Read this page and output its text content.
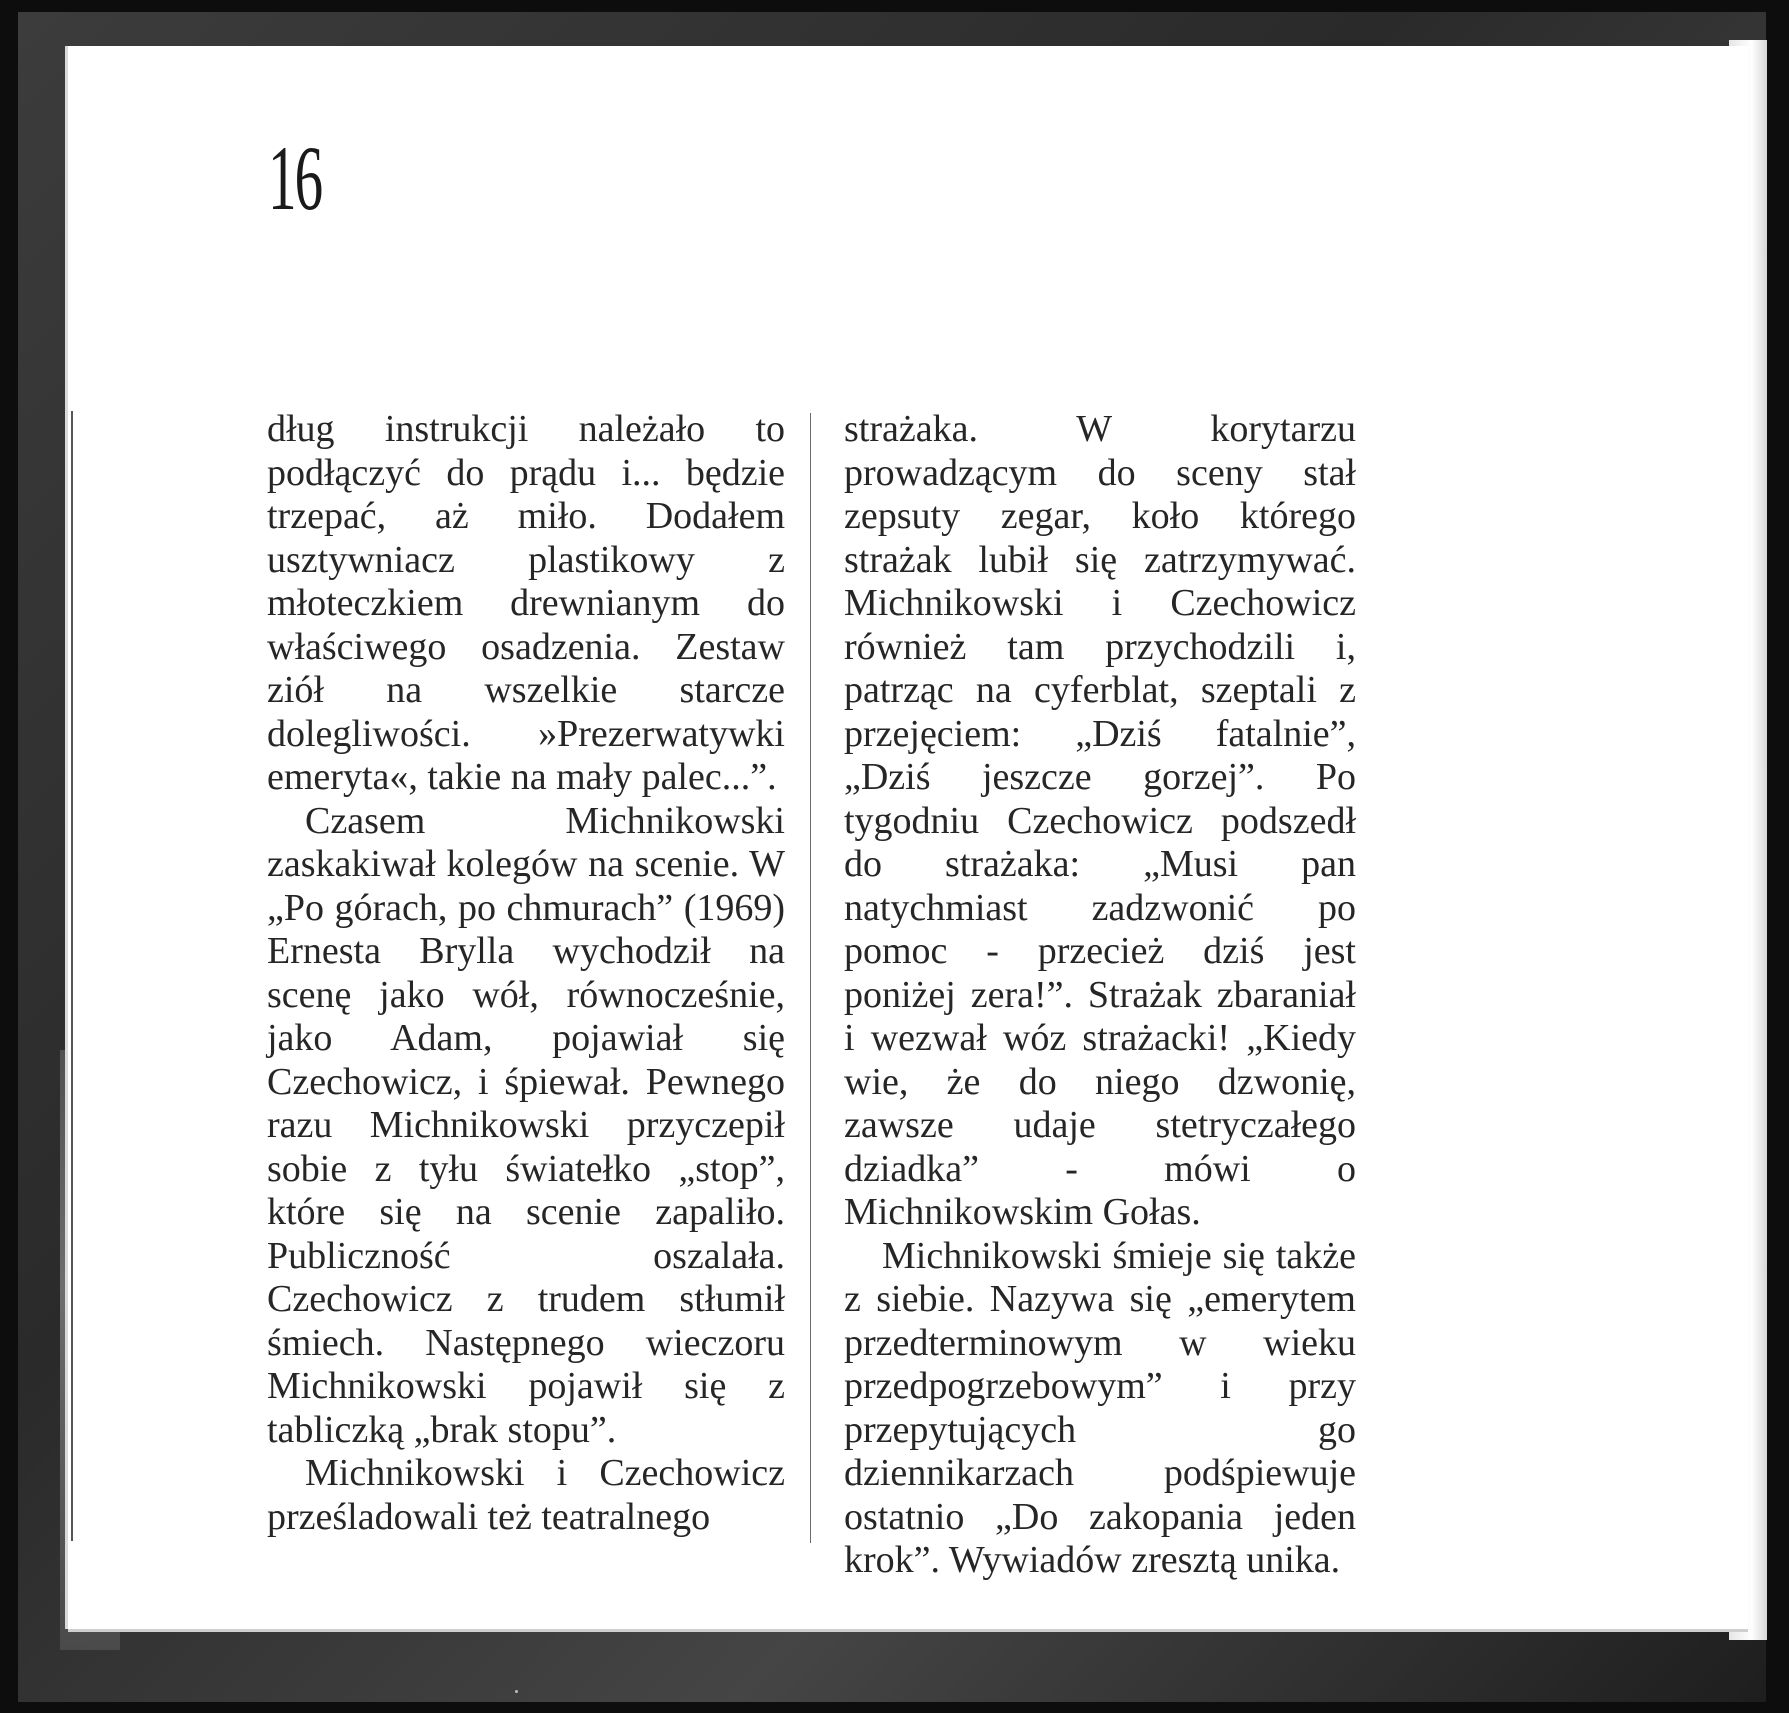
16

dług instrukcji należało to podłączyć do prądu i... będzie trzepać, aż miło. Dodałem usztywniacz plastikowy z młoteczkiem drewnianym do właściwego osadzenia. Zestaw ziół na wszelkie starcze dolegliwości. »Prezerwatywki emeryta«, takie na mały palec...”.

 Czasem Michnikowski zaskakiwał kolegów na scenie. W „Po górach, po chmurach” (1969) Ernesta Brylla wychodził na scenę jako wół, równocześnie, jako Adam, pojawiał się Czechowicz, i śpiewał. Pewnego razu Michnikowski przyczepił sobie z tyłu światełko „stop”, które się na scenie zapaliło. Publiczność oszalała. Czechowicz z trudem stłumił śmiech. Następnego wieczoru Michnikowski pojawił się z tabliczką „brak stopu”.

 Michnikowski i Czechowicz prześladowali też teatralnego

strażaka. W korytarzu prowadzącym do sceny stał zepsuty zegar, koło którego strażak lubił się zatrzymywać. Michnikowski i Czechowicz również tam przychodzili i, patrząc na cyferblat, szeptali z przejęciem: „Dziś fatalnie”, „Dziś jeszcze gorzej”. Po tygodniu Czechowicz podszedł do strażaka: „Musi pan natychmiast zadzwonić po pomoc - przecież dziś jest poniżej zera!”. Strażak zbaraniał i wezwał wóz strażacki! „Kiedy wie, że do niego dzwonię, zawsze udaje stetryczałego dziadka” - mówi o Michnikowskim Gołas.

 Michnikowski śmieje się także z siebie. Nazywa się „emerytem przedterminowym w wieku przedpogrzebowym” i przy przepytujących go dziennikarzach podśpiewuje ostatnio „Do zakopania jeden krok”. Wywiadów zresztą unika.
